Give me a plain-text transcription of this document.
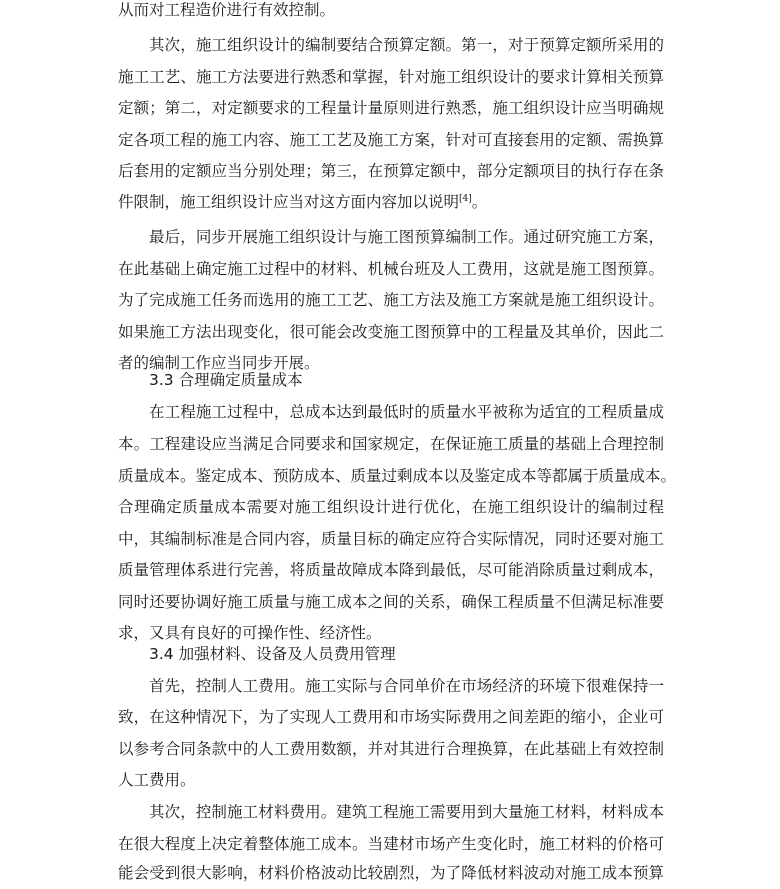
从而对工程造价进行有效控制。
其次，施工组织设计的编制要结合预算定额。第一，对于预算定额所采用的
施工工艺、施工方法要进行熟悉和掌握，针对施工组织设计的要求计算相关预算
定额；第二，对定额要求的工程量计量原则进行熟悉，施工组织设计应当明确规
定各项工程的施工内容、施工工艺及施工方案，针对可直接套用的定额、需换算
后套用的定额应当分别处理；第三，在预算定额中，部分定额项目的执行存在条
件限制，施工组织设计应当对这方面内容加以说明[4]。
最后，同步开展施工组织设计与施工图预算编制工作。通过研究施工方案，
在此基础上确定施工过程中的材料、机械台班及人工费用，这就是施工图预算。
为了完成施工任务而选用的施工工艺、施工方法及施工方案就是施工组织设计。
如果施工方法出现变化，很可能会改变施工图预算中的工程量及其单价，因此二
者的编制工作应当同步开展。
3.3 合理确定质量成本
在工程施工过程中，总成本达到最低时的质量水平被称为适宜的工程质量成
本。工程建设应当满足合同要求和国家规定，在保证施工质量的基础上合理控制
质量成本。鉴定成本、预防成本、质量过剩成本以及鉴定成本等都属于质量成本。
合理确定质量成本需要对施工组织设计进行优化，在施工组织设计的编制过程
中，其编制标准是合同内容，质量目标的确定应符合实际情况，同时还要对施工
质量管理体系进行完善，将质量故障成本降到最低，尽可能消除质量过剩成本，
同时还要协调好施工质量与施工成本之间的关系，确保工程质量不但满足标准要
求，又具有良好的可操作性、经济性。
3.4 加强材料、设备及人员费用管理
首先，控制人工费用。施工实际与合同单价在市场经济的环境下很难保持一
致，在这种情况下，为了实现人工费用和市场实际费用之间差距的缩小，企业可
以参考合同条款中的人工费用数额，并对其进行合理换算，在此基础上有效控制
人工费用。
其次，控制施工材料费用。建筑工程施工需要用到大量施工材料，材料成本
在很大程度上决定着整体施工成本。当建材市场产生变化时，施工材料的价格可
能会受到很大影响，材料价格波动比较剧烈，为了降低材料波动对施工成本预算
